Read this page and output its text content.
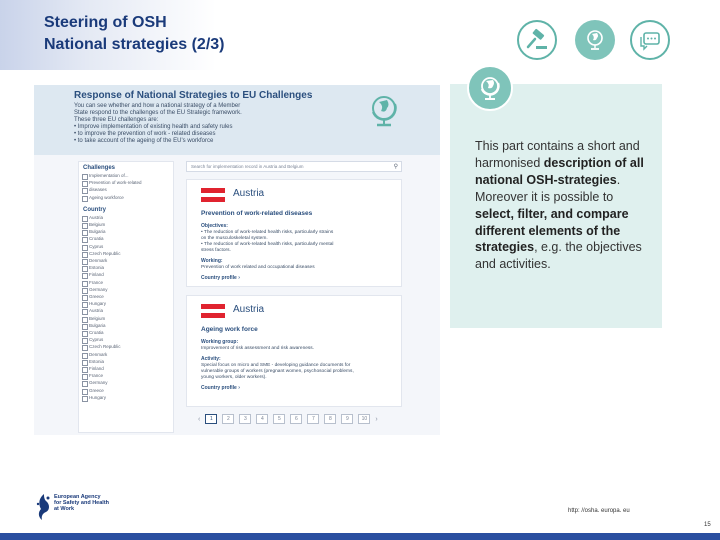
Steering of OSH
National strategies (2/3)
Response of National Strategies to EU Challenges
You can see whether and how a national strategy of a Member
State respond to the challenges of the EU Strategic framework.
These three EU challenges are:
• Improve implementation of existing health and safety rules
• to improve the prevention of work - related diseases
• to take account of the ageing of the EU's workforce
Challenges
Implementation of...
Prevention of work-related
diseases
Ageing workforce
Country
Austria
Belgium
Bulgaria
Croatia
Cyprus
Czech Republic
Denmark
Estonia
Finland
France
Germany
Greece
Hungary
Austria
Belgium
Bulgaria
Croatia
Cyprus
Czech Republic
Denmark
Estonia
Finland
France
Germany
Greece
Hungary
Search for implementation record in Austria and Belgium	⚲
Austria
Prevention of work-related diseases
Objectives:
• The reduction of work-related health risks, particularly strains
on the musculoskeletal system.
• The reduction of work-related health risks, particularly mental
stress factors.
Working:
Prevention of work related and occupational diseases
Country profile ›
Austria
Ageing work force
Working group:
Improvement of risk assessment and risk awareness.
Activity:
Special focus on micro and SME - developing guidance documents for
vulnerable groups of workers (pregnant women, psychosocial problems,
young workers, older workers).
Country profile ›
‹	1	2	3	4	5	6	7	8	9	10	›
This part contains a short and harmonised description of all national OSH-strategies. Moreover it is possible to select, filter, and compare different elements of the strategies, e.g. the objectives and activities.
European Agency
for Safety and Health
at Work	http: //osha. europa. eu
15
